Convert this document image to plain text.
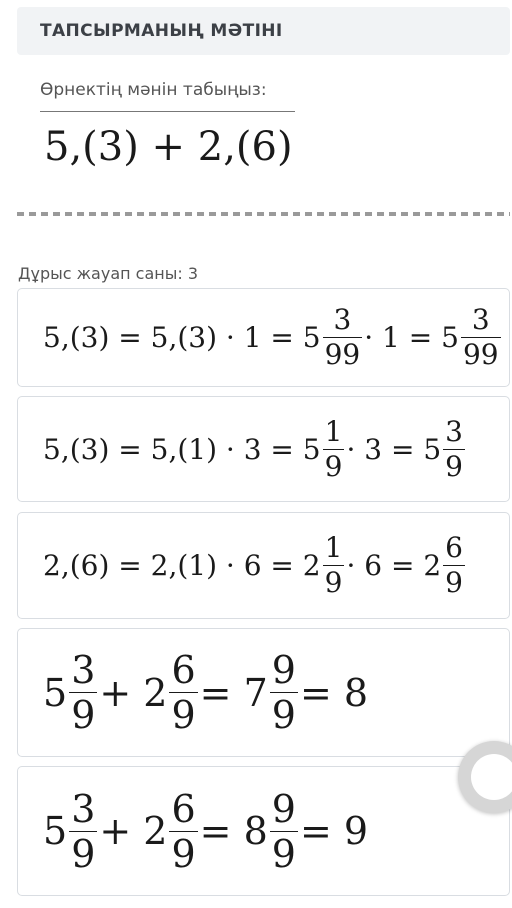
ТАПСЫРМАНЫҢ МӘТІНІ
Өрнектің мәнін табыңыз:
5,(3) + 2,(6)
Дұрыс жауап саны: 3
$5,(3) = 5,(3) \cdot 1 = 5 \frac{3}{99} \cdot 1 = 5 \frac{3}{99}$
$5,(3) = 5,(1) \cdot 3 = 5 \frac{1}{9} \cdot 3 = 5 \frac{3}{9}$
$2,(6) = 2,(1) \cdot 6 = 2 \frac{1}{9} \cdot 6 = 2 \frac{6}{9}$
$5 \frac{3}{9} + 2 \frac{6}{9} = 7 \frac{9}{9} = 8$
$5 \frac{3}{9} + 2 \frac{6}{9} = 8 \frac{9}{9} = 9$
